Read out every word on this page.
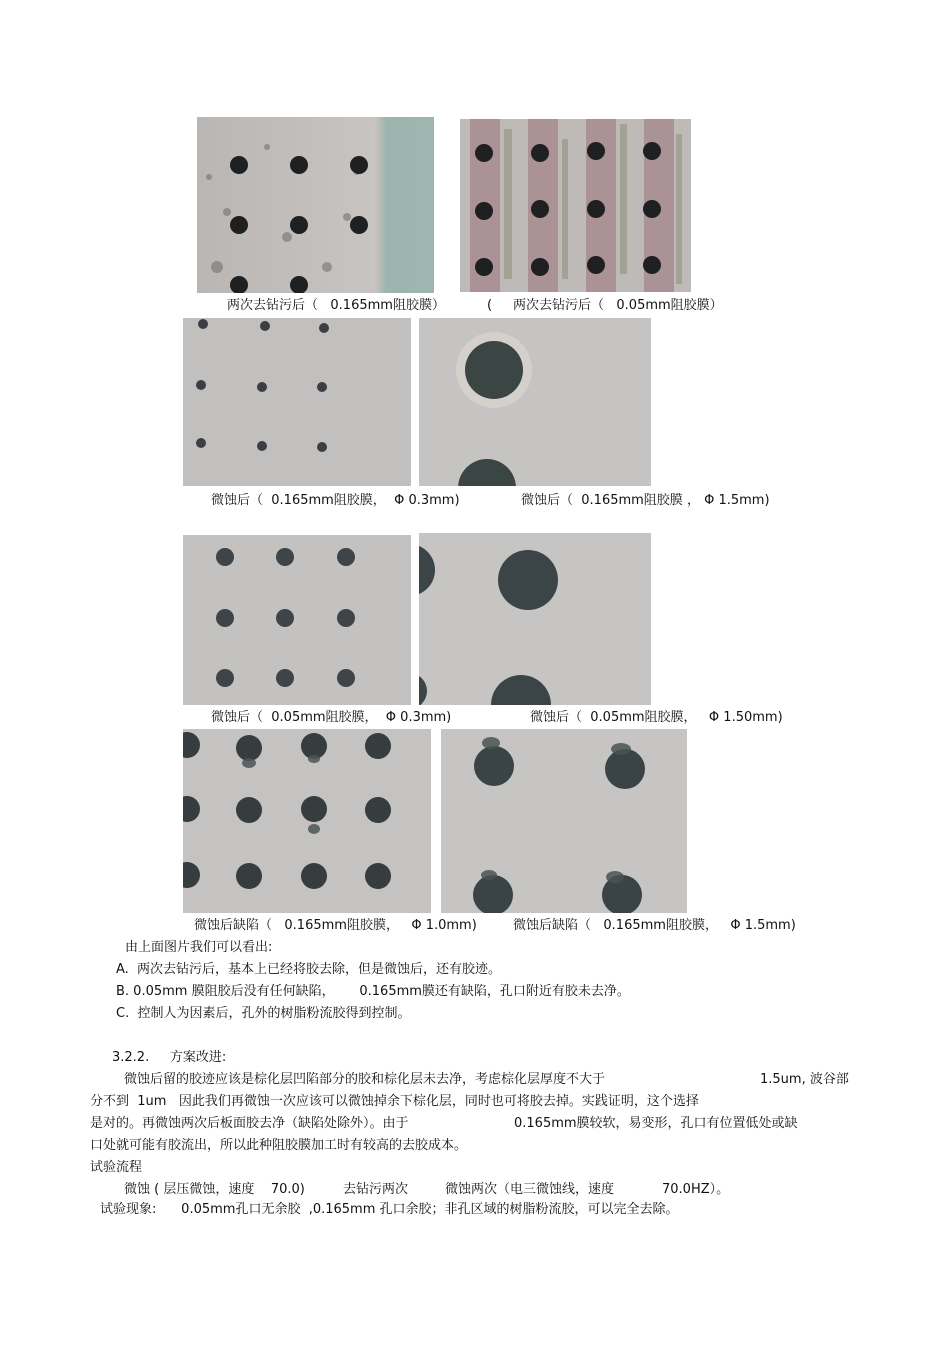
两次去钻污后（   0.165mm阻胶膜）	( 两次去钻污后（   0.05mm阻胶膜）
微蚀后（  0.165mm阻胶膜，  Φ 0.3mm)	微蚀后（  0.165mm阻胶膜 ， Φ 1.5mm)
微蚀后（  0.05mm阻胶膜，  Φ 0.3mm)	微蚀后（  0.05mm阻胶膜，   Φ 1.50mm)
微蚀后缺陷（   0.165mm阻胶膜，   Φ 1.0mm)	微蚀后缺陷（   0.165mm阻胶膜，   Φ 1.5mm)
由上面图片我们可以看出:
A.  两次去钻污后，基本上已经将胶去除，但是微蚀后，还有胶迹。
B. 0.05mm 膜阻胶后没有任何缺陷，      0.165mm膜还有缺陷，孔口附近有胶未去净。
C.  控制人为因素后，孔外的树脂粉流胶得到控制。
3.2.2.     方案改进:
微蚀后留的胶迹应该是棕化层凹陷部分的胶和棕化层未去净，考虑棕化层厚度不大于	1.5um, 波谷部
分不到  1um   因此我们再微蚀一次应该可以微蚀掉余下棕化层，同时也可将胶去掉。实践证明，这个选择
是对的。再微蚀两次后板面胶去净（缺陷处除外）。由于	0.165mm膜较软，易变形，孔口有位置低处或缺
口处就可能有胶流出，所以此种阻胶膜加工时有较高的去胶成本。
试验流程
微蚀 ( 层压微蚀，速度    70.0)	去钻污两次	微蚀两次（电三微蚀线，速度	70.0HZ）。
试验现象:      0.05mm孔口无余胶  ,0.165mm 孔口余胶；非孔区域的树脂粉流胶，可以完全去除。
